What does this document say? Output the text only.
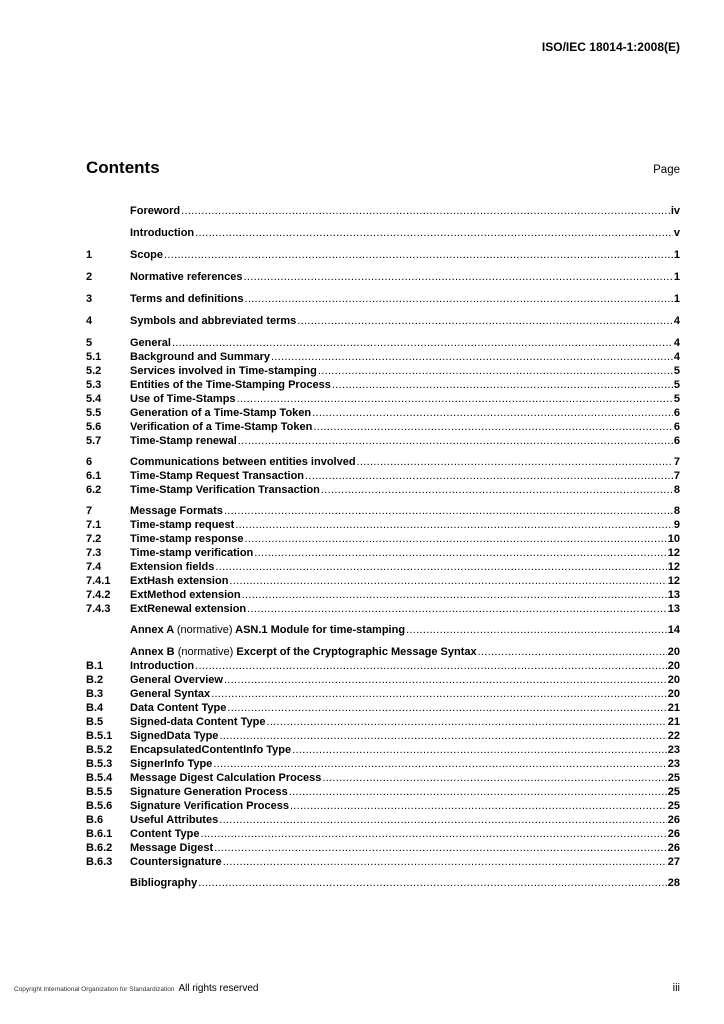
ISO/IEC 18014-1:2008(E)
Contents	Page
Foreword .....	iv
Introduction .....	v
1	Scope .....	1
2	Normative references .....	1
3	Terms and definitions .....	1
4	Symbols and abbreviated terms .....	4
5	General .....	4
5.1	Background and Summary .....	4
5.2	Services involved in Time-stamping .....	5
5.3	Entities of the Time-Stamping Process .....	5
5.4	Use of Time-Stamps .....	5
5.5	Generation of a Time-Stamp Token .....	6
5.6	Verification of a Time-Stamp Token .....	6
5.7	Time-Stamp renewal .....	6
6	Communications between entities involved .....	7
6.1	Time-Stamp Request Transaction .....	7
6.2	Time-Stamp Verification Transaction .....	8
7	Message Formats .....	8
7.1	Time-stamp request .....	9
7.2	Time-stamp response .....	10
7.3	Time-stamp verification .....	12
7.4	Extension fields .....	12
7.4.1	ExtHash extension .....	12
7.4.2	ExtMethod extension .....	13
7.4.3	ExtRenewal extension .....	13
Annex A (normative) ASN.1 Module for time-stamping .....	14
Annex B (normative) Excerpt of the Cryptographic Message Syntax .....	20
B.1	Introduction .....	20
B.2	General Overview .....	20
B.3	General Syntax .....	20
B.4	Data Content Type .....	21
B.5	Signed-data Content Type .....	21
B.5.1	SignedData Type .....	22
B.5.2	EncapsulatedContentInfo Type .....	23
B.5.3	SignerInfo Type .....	23
B.5.4	Message Digest Calculation Process .....	25
B.5.5	Signature Generation Process .....	25
B.5.6	Signature Verification Process .....	25
B.6	Useful Attributes .....	26
B.6.1	Content Type .....	26
B.6.2	Message Digest .....	26
B.6.3	Countersignature .....	27
Bibliography .....	28
Copyright International Organization for Standardization All rights reserved	iii
